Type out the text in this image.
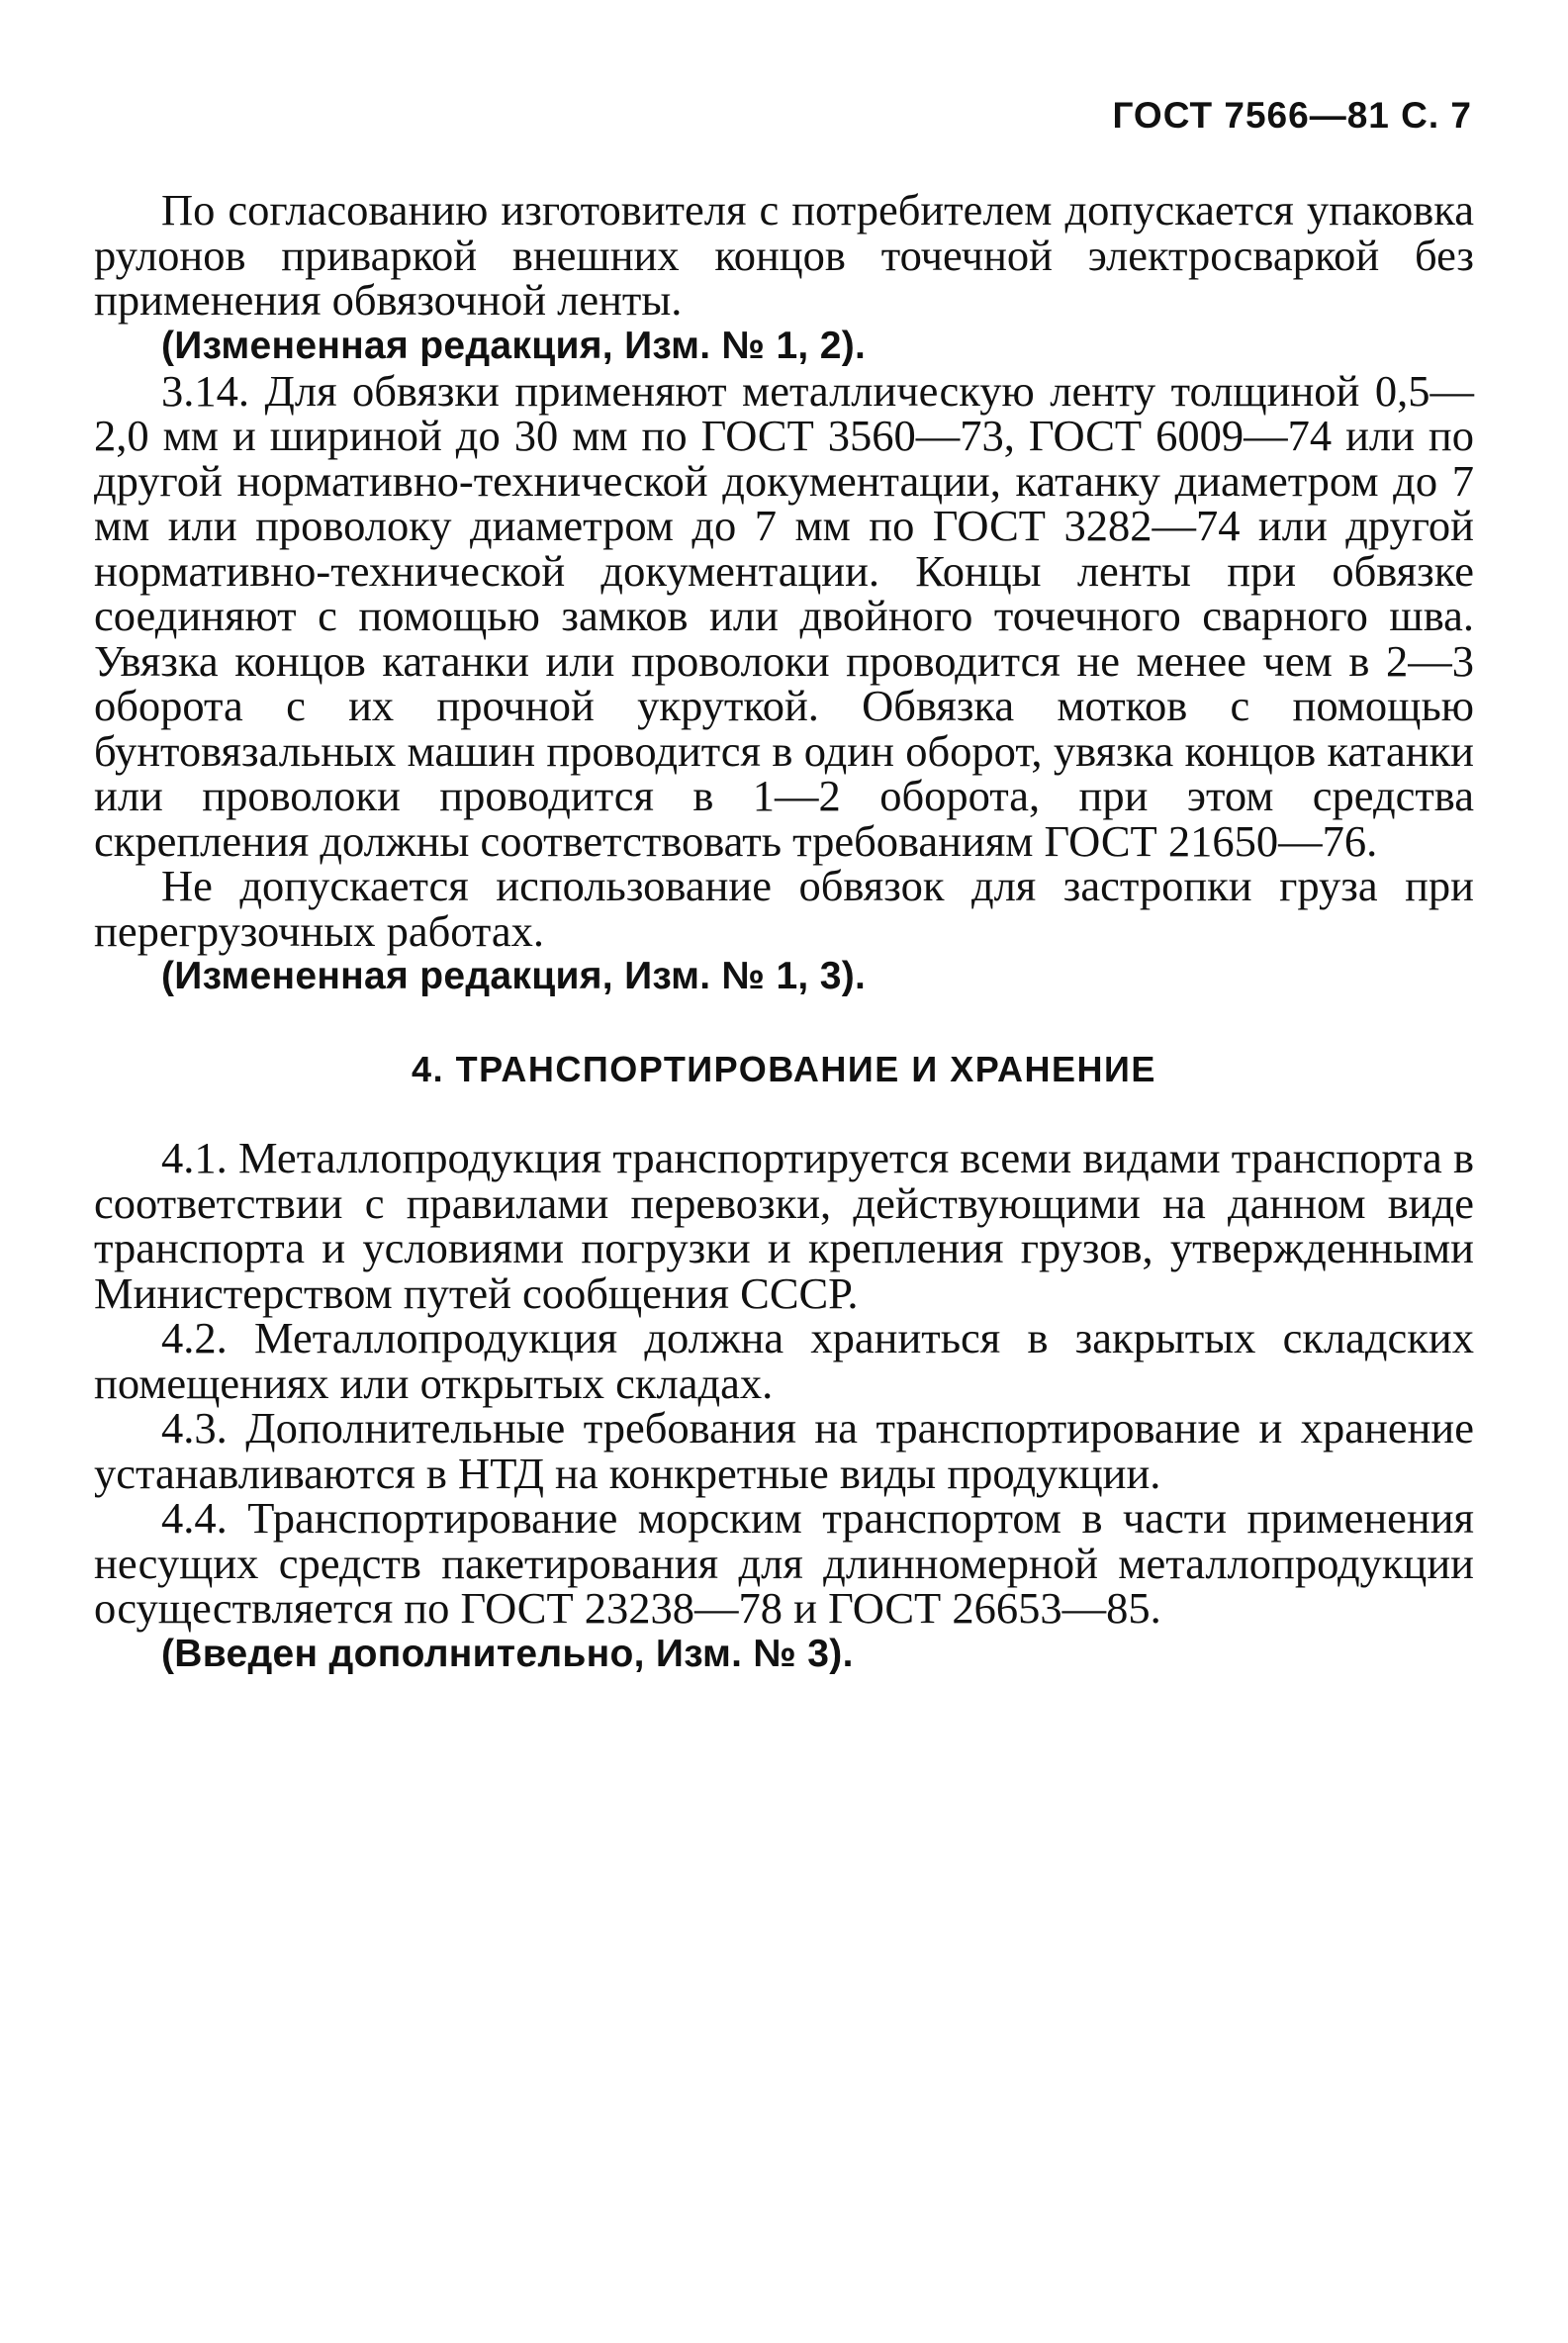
ГОСТ 7566—81 С. 7

По согласованию изготовителя с потребителем допускается упаковка рулонов приваркой внешних концов точечной электросваркой без применения обвязочной ленты.

(Измененная редакция, Изм. № 1, 2).

3.14. Для обвязки применяют металлическую ленту толщиной 0,5—2,0 мм и шириной до 30 мм по ГОСТ 3560—73, ГОСТ 6009—74 или по другой нормативно-технической документации, катанку диаметром до 7 мм или проволоку диаметром до 7 мм по ГОСТ 3282—74 или другой нормативно-технической документации. Концы ленты при обвязке соединяют с помощью замков или двойного точечного сварного шва. Увязка концов катанки или проволоки проводится не менее чем в 2—3 оборота с их прочной укруткой. Обвязка мотков с помощью бунтовязальных машин проводится в один оборот, увязка концов катанки или проволоки проводится в 1—2 оборота, при этом средства скрепления должны соответствовать требованиям ГОСТ 21650—76.

Не допускается использование обвязок для застропки груза при перегрузочных работах.

(Измененная редакция, Изм. № 1, 3).

4. ТРАНСПОРТИРОВАНИЕ И ХРАНЕНИЕ

4.1. Металлопродукция транспортируется всеми видами транспорта в соответствии с правилами перевозки, действующими на данном виде транспорта и условиями погрузки и крепления грузов, утвержденными Министерством путей сообщения СССР.

4.2. Металлопродукция должна храниться в закрытых складских помещениях или открытых складах.

4.3. Дополнительные требования на транспортирование и хранение устанавливаются в НТД на конкретные виды продукции.

4.4. Транспортирование морским транспортом в части применения несущих средств пакетирования для длинномерной металлопродукции осуществляется по ГОСТ 23238—78 и ГОСТ 26653—85.

(Введен дополнительно, Изм. № 3).
